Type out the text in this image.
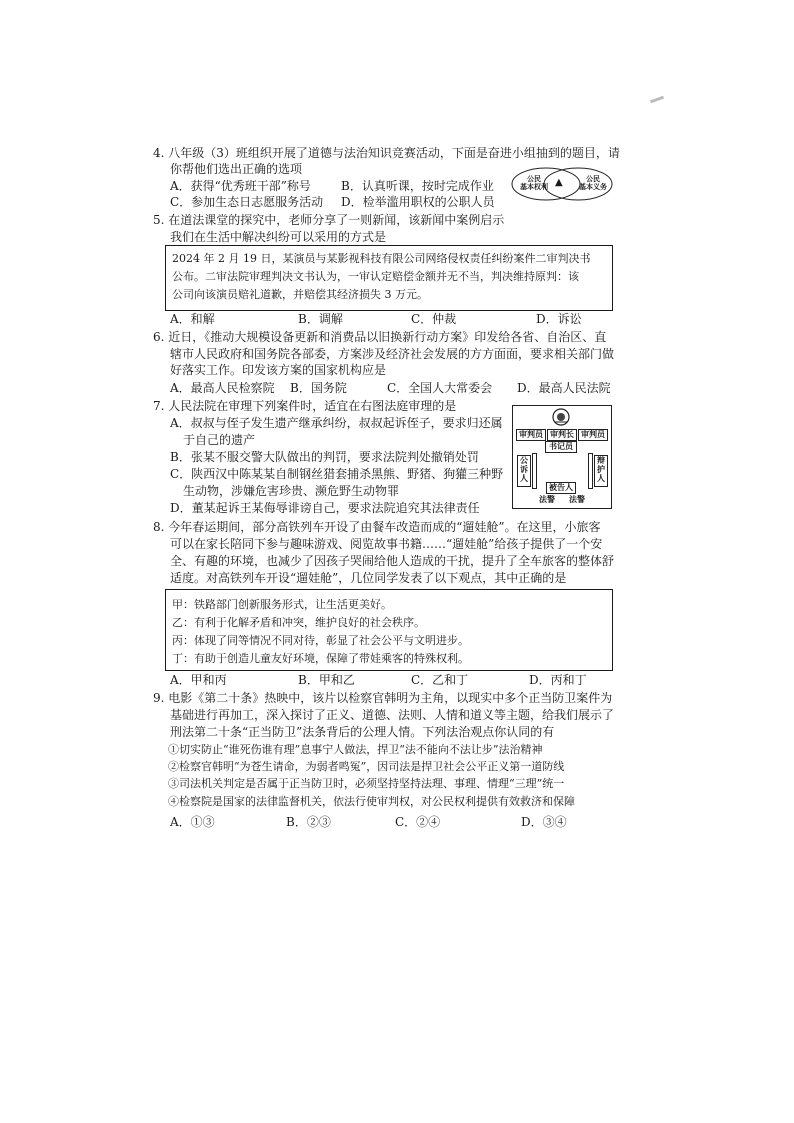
4. 八年级（3）班组织开展了道德与法治知识竞赛活动，下面是奋进小组抽到的题目，请
你帮他们选出正确的选项
A．获得“优秀班干部”称号	B．认真听课，按时完成作业
C．参加生态日志愿服务活动 D．检举滥用职权的公职人员
公民
基本权利
公民
基本义务
▲
5. 在道法课堂的探究中，老师分享了一则新闻，该新闻中案例启示
我们在生活中解决纠纷可以采用的方式是
2024 年 2 月 19 日，某演员与某影视科技有限公司网络侵权责任纠纷案件二审判决书
公布。二审法院审理判决文书认为，一审认定赔偿金额并无不当，判决维持原判：该
公司向该演员赔礼道歉，并赔偿其经济损失 3 万元。
A．和解	B．调解	C．仲裁	D．诉讼
6. 近日，《推动大规模设备更新和消费品以旧换新行动方案》印发给各省、自治区、直
辖市人民政府和国务院各部委，方案涉及经济社会发展的方方面面，要求相关部门做
好落实工作。印发该方案的国家机构应是
A．最高人民检察院 B．国务院	C．全国人大常委会 D．最高人民法院
7. 人民法院在审理下列案件时，适宜在右图法庭审理的是
A．叔叔与侄子发生遗产继承纠纷，叔叔起诉侄子，要求归还属
于自己的遗产
B．张某不服交警大队做出的判罚，要求法院判处撤销处罚
C．陕西汉中陈某某自制钢丝猎套捕杀黑熊、野猪、狗獾三种野
生动物，涉嫌危害珍贵、濒危野生动物罪
D．董某起诉王某侮辱诽谤自己，要求法院追究其法律责任
审判员 审判长 审判员
书记员
公
诉
人
辩
护
人
被告人
法警 法警
8. 今年春运期间，部分高铁列车开设了由餐车改造而成的“遛娃舱”。在这里，小旅客
可以在家长陪同下参与趣味游戏、阅览故事书籍……“遛娃舱”给孩子提供了一个安
全、有趣的环境，也减少了因孩子哭闹给他人造成的干扰，提升了全车旅客的整体舒
适度。对高铁列车开设“遛娃舱”，几位同学发表了以下观点，其中正确的是
甲：铁路部门创新服务形式，让生活更美好。
乙：有利于化解矛盾和冲突，维护良好的社会秩序。
丙：体现了同等情况不同对待，彰显了社会公平与文明进步。
丁：有助于创造儿童友好环境，保障了带娃乘客的特殊权利。
A．甲和丙	B．甲和乙	C．乙和丁	D．丙和丁
9. 电影《第二十条》热映中，该片以检察官韩明为主角，以现实中多个正当防卫案件为
基础进行再加工，深入探讨了正义、道德、法则、人情和道义等主题，给我们展示了
刑法第二十条“正当防卫”法条背后的公理人情。下列法治观点你认同的有
①切实防止“谁死伤谁有理”息事宁人做法，捍卫“法不能向不法让步”法治精神
②检察官韩明“为苍生请命，为弱者鸣冤”，因司法是捍卫社会公平正义第一道防线
③司法机关判定是否属于正当防卫时，必须坚持坚持法理、事理、情理“三理”统一
④检察院是国家的法律监督机关，依法行使审判权，对公民权利提供有效救济和保障
A．①③	B．②③	C．②④	D．③④
